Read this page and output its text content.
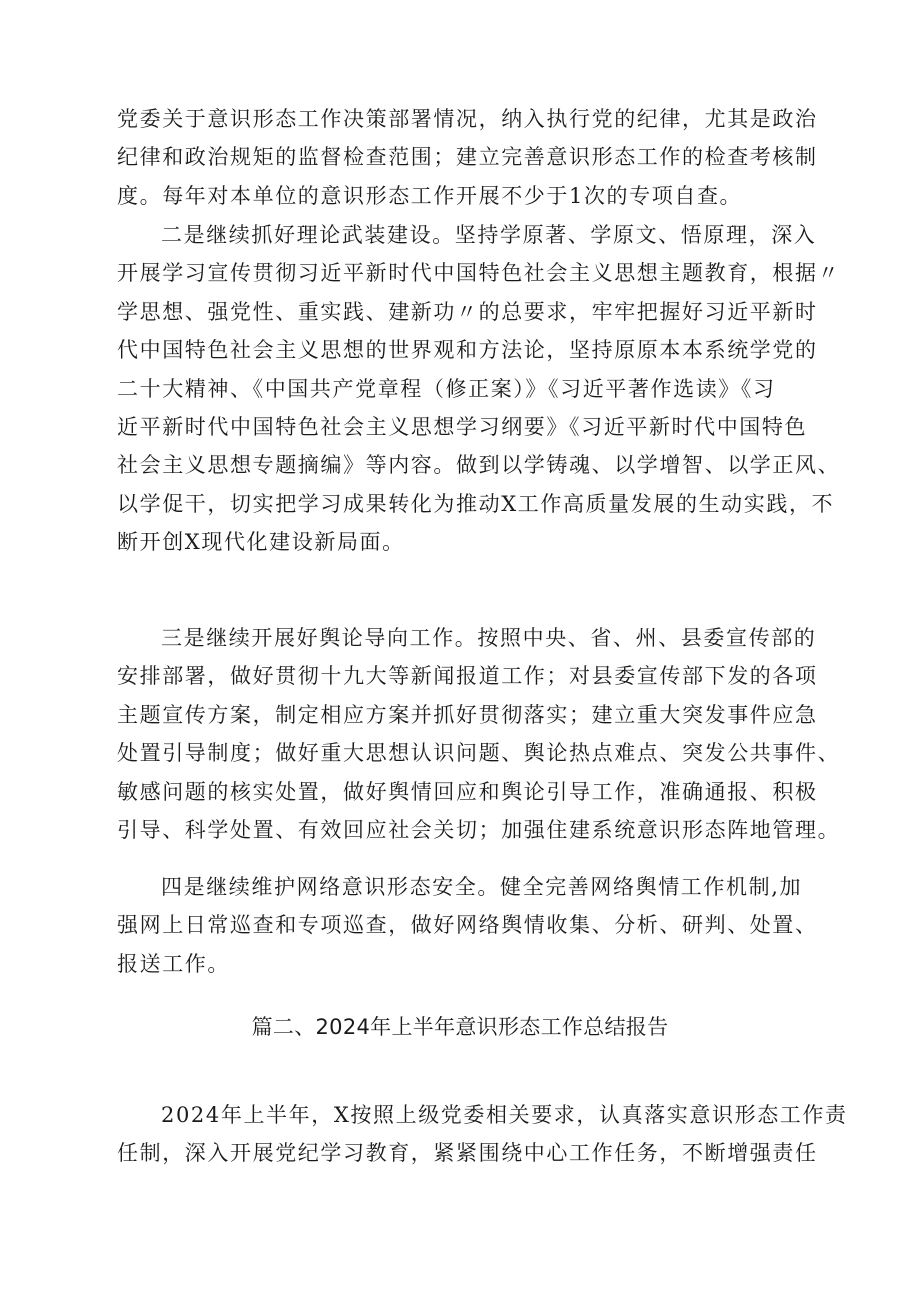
党委关于意识形态工作决策部署情况，纳入执行党的纪律，尤其是政治
纪律和政治规矩的监督检查范围；建立完善意识形态工作的检查考核制
度。每年对本单位的意识形态工作开展不少于1次的专项自查。
二是继续抓好理论武装建设。坚持学原著、学原文、悟原理，深入
开展学习宣传贯彻习近平新时代中国特色社会主义思想主题教育，根据〃
学思想、强党性、重实践、建新功〃的总要求，牢牢把握好习近平新时
代中国特色社会主义思想的世界观和方法论，坚持原原本本系统学党的
二十大精神、《中国共产党章程（修正案）》《习近平著作选读》《习
近平新时代中国特色社会主义思想学习纲要》《习近平新时代中国特色
社会主义思想专题摘编》等内容。做到以学铸魂、以学增智、以学正风、
以学促干，切实把学习成果转化为推动X工作高质量发展的生动实践，不
断开创X现代化建设新局面。
三是继续开展好舆论导向工作。按照中央、省、州、县委宣传部的
安排部署，做好贯彻十九大等新闻报道工作；对县委宣传部下发的各项
主题宣传方案，制定相应方案并抓好贯彻落实；建立重大突发事件应急
处置引导制度；做好重大思想认识问题、舆论热点难点、突发公共事件、
敏感问题的核实处置，做好舆情回应和舆论引导工作，准确通报、积极
引导、科学处置、有效回应社会关切；加强住建系统意识形态阵地管理。
四是继续维护网络意识形态安全。健全完善网络舆情工作机制,加
强网上日常巡查和专项巡查，做好网络舆情收集、分析、研判、处置、
报送工作。
篇二、2024年上半年意识形态工作总结报告
2024年上半年，X按照上级党委相关要求，认真落实意识形态工作责
任制，深入开展党纪学习教育，紧紧围绕中心工作任务，不断增强责任
